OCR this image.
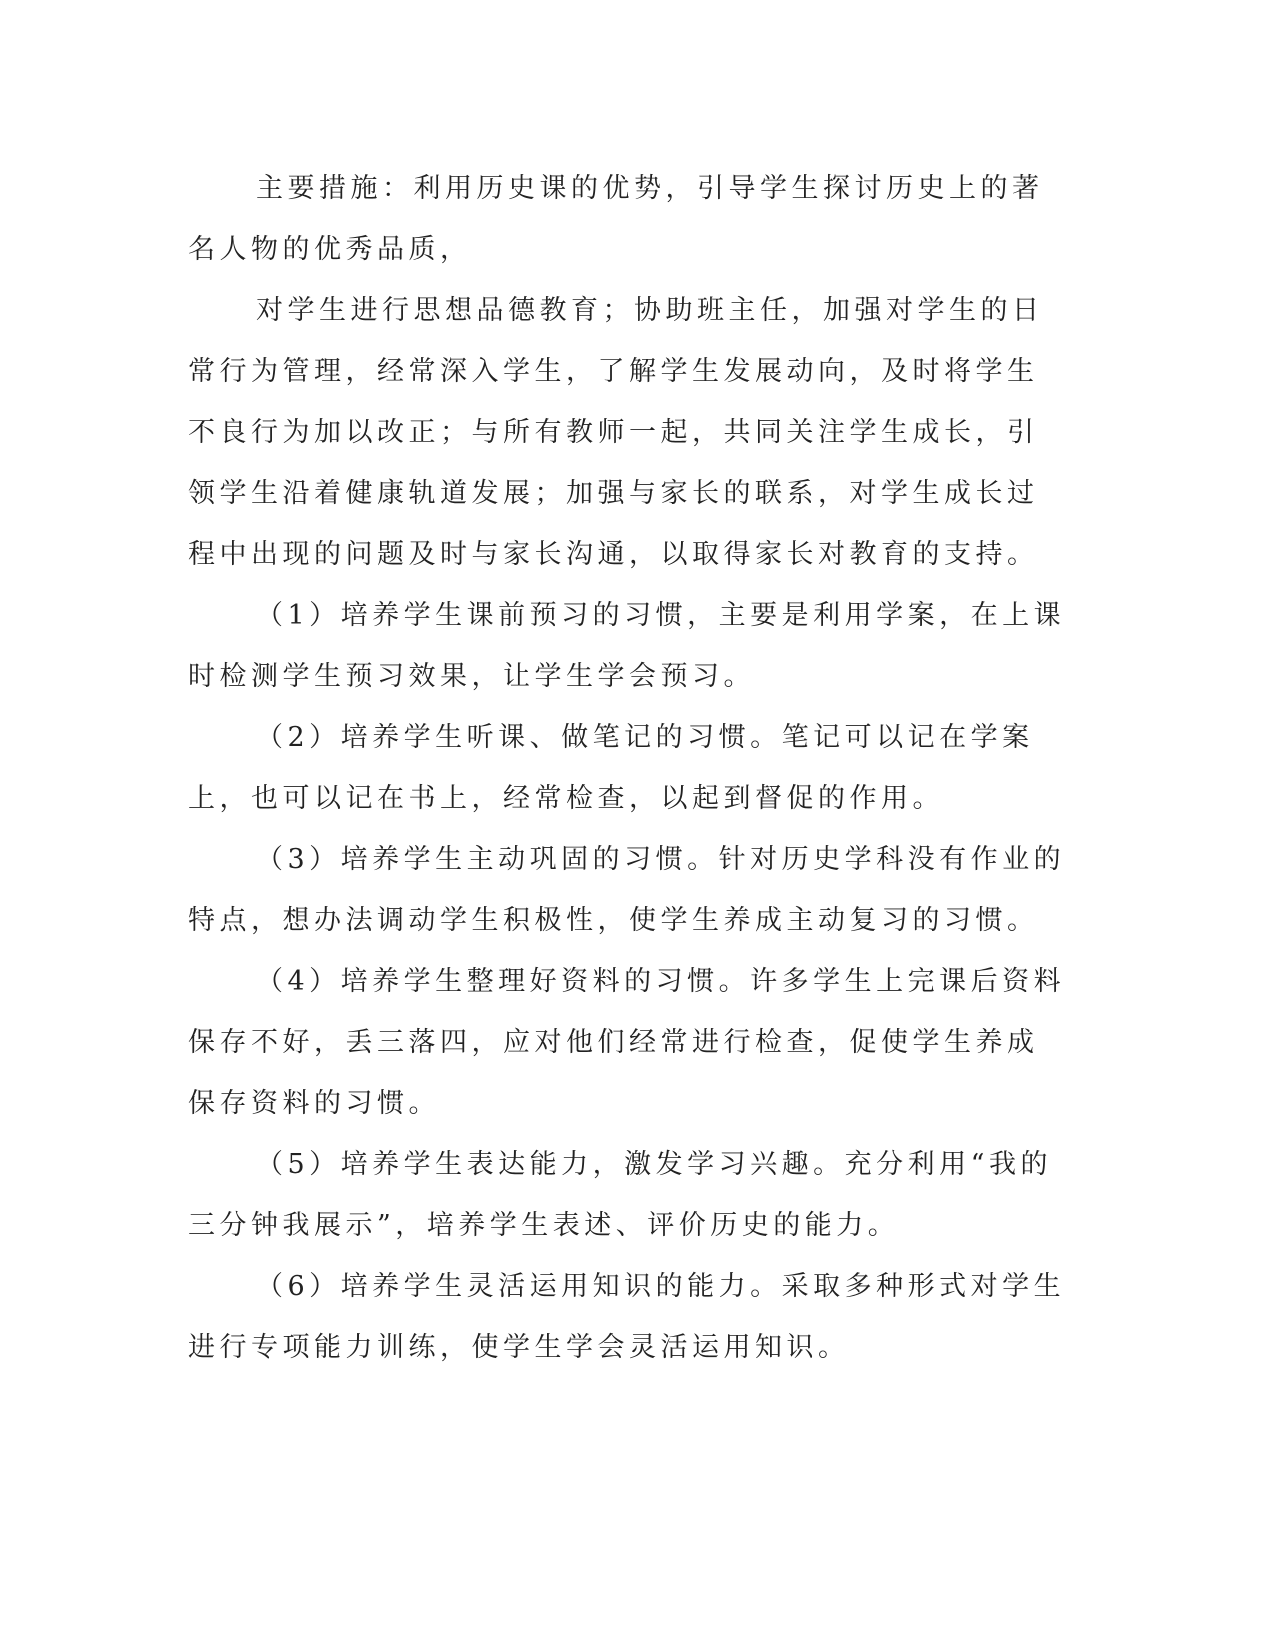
主要措施：利用历史课的优势，引导学生探讨历史上的著名人物的优秀品质，

对学生进行思想品德教育；协助班主任，加强对学生的日常行为管理，经常深入学生，了解学生发展动向，及时将学生不良行为加以改正；与所有教师一起，共同关注学生成长，引领学生沿着健康轨道发展；加强与家长的联系，对学生成长过程中出现的问题及时与家长沟通，以取得家长对教育的支持。

（1）培养学生课前预习的习惯，主要是利用学案，在上课时检测学生预习效果，让学生学会预习。

（2）培养学生听课、做笔记的习惯。笔记可以记在学案上，也可以记在书上，经常检查，以起到督促的作用。

（3）培养学生主动巩固的习惯。针对历史学科没有作业的特点，想办法调动学生积极性，使学生养成主动复习的习惯。

（4）培养学生整理好资料的习惯。许多学生上完课后资料保存不好，丢三落四，应对他们经常进行检查，促使学生养成保存资料的习惯。

（5）培养学生表达能力，激发学习兴趣。充分利用“我的三分钟我展示”，培养学生表述、评价历史的能力。

（6）培养学生灵活运用知识的能力。采取多种形式对学生进行专项能力训练，使学生学会灵活运用知识。
